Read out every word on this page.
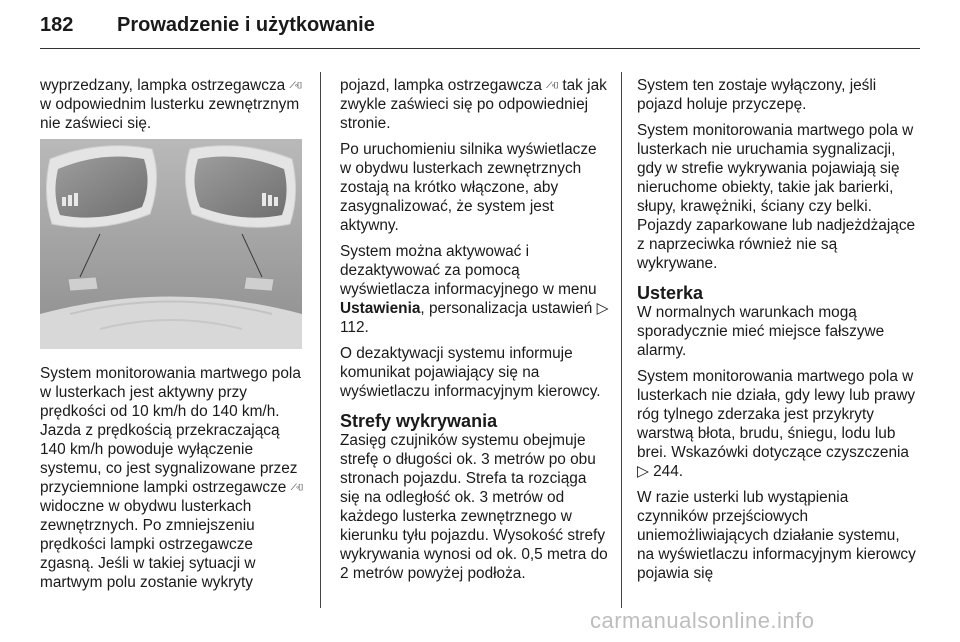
182 Prowadzenie i użytkowanie

wyprzedzany, lampka ostrzegawcza ⟋◦⌷ w odpowiednim lusterku zewnętrznym nie zaświeci się.

System monitorowania martwego pola w lusterkach jest aktywny przy prędkości od 10 km/h do 140 km/h. Jazda z prędkością przekraczającą 140 km/h powoduje wyłączenie systemu, co jest sygnalizowane przez przyciemnione lampki ostrzegawcze ⟋◦⌷ widoczne w obydwu lusterkach zewnętrznych. Po zmniejszeniu prędkości lampki ostrzegawcze zgasną. Jeśli w takiej sytuacji w martwym polu zostanie wykryty

pojazd, lampka ostrzegawcza ⟋◦⌷ tak jak zwykle zaświeci się po odpowiedniej stronie.

Po uruchomieniu silnika wyświetlacze w obydwu lusterkach zewnętrznych zostają na krótko włączone, aby zasygnalizować, że system jest aktywny.

System można aktywować i dezaktywować za pomocą wyświetlacza informacyjnego w menu Ustawienia, personalizacja ustawień ▷ 112.

O dezaktywacji systemu informuje komunikat pojawiający się na wyświetlaczu informacyjnym kierowcy.

Strefy wykrywania

Zasięg czujników systemu obejmuje strefę o długości ok. 3 metrów po obu stronach pojazdu. Strefa ta rozciąga się na odległość ok. 3 metrów od każdego lusterka zewnętrznego w kierunku tyłu pojazdu. Wysokość strefy wykrywania wynosi od ok. 0,5 metra do 2 metrów powyżej podłoża.

System ten zostaje wyłączony, jeśli pojazd holuje przyczepę.

System monitorowania martwego pola w lusterkach nie uruchamia sygnalizacji, gdy w strefie wykrywania pojawiają się nieruchome obiekty, takie jak barierki, słupy, krawężniki, ściany czy belki. Pojazdy zaparkowane lub nadjeżdżające z naprzeciwka również nie są wykrywane.

Usterka

W normalnych warunkach mogą sporadycznie mieć miejsce fałszywe alarmy.

System monitorowania martwego pola w lusterkach nie działa, gdy lewy lub prawy róg tylnego zderzaka jest przykryty warstwą błota, brudu, śniegu, lodu lub brei. Wskazówki dotyczące czyszczenia ▷ 244.

W razie usterki lub wystąpienia czynników przejściowych uniemożliwiających działanie systemu, na wyświetlaczu informacyjnym kierowcy pojawia się

carmanualsonline.info
